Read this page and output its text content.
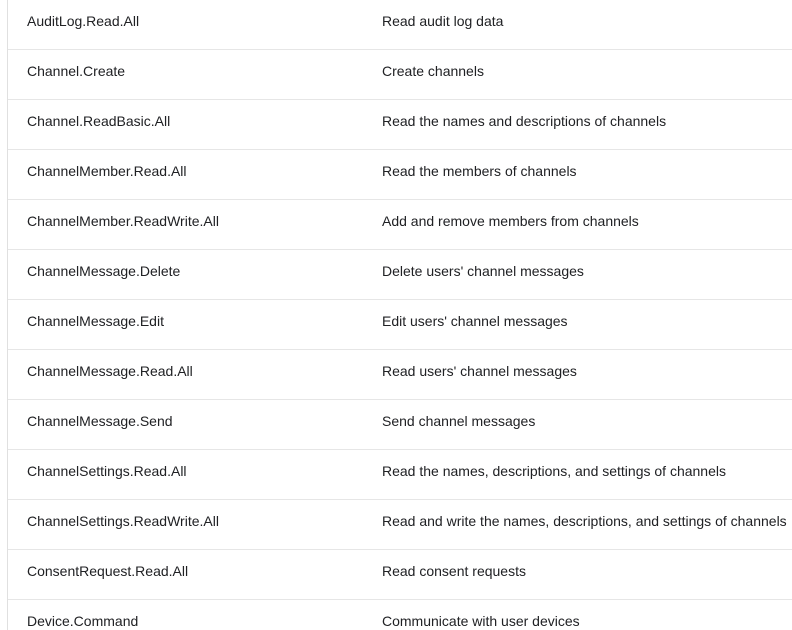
AuditLog.Read.All	Read audit log data
Channel.Create	Create channels
Channel.ReadBasic.All	Read the names and descriptions of channels
ChannelMember.Read.All	Read the members of channels
ChannelMember.ReadWrite.All	Add and remove members from channels
ChannelMessage.Delete	Delete users' channel messages
ChannelMessage.Edit	Edit users' channel messages
ChannelMessage.Read.All	Read users' channel messages
ChannelMessage.Send	Send channel messages
ChannelSettings.Read.All	Read the names, descriptions, and settings of channels
ChannelSettings.ReadWrite.All	Read and write the names, descriptions, and settings of channels
ConsentRequest.Read.All	Read consent requests
Device.Command	Communicate with user devices
